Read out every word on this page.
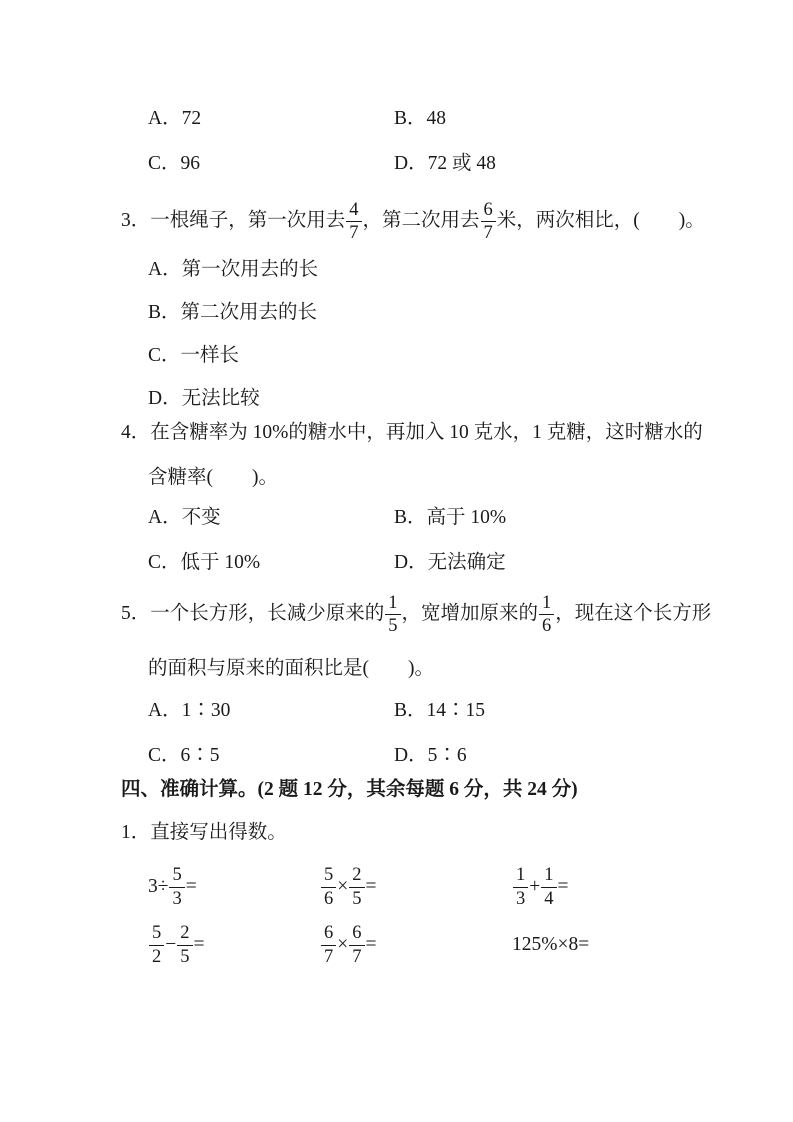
A．72	B．48
C．96	D．72 或 48
3．一根绳子，第一次用去 $\frac{4}{7}$ ，第二次用去 $\frac{6}{7}$ 米，两次相比，(　　)。
A．第一次用去的长
B．第二次用去的长
C．一样长
D．无法比较
4．在含糖率为 10%的糖水中，再加入 10 克水，1 克糖，这时糖水的
含糖率(　　)。
A．不变	B．高于 10%
C．低于 10%	D．无法确定
5．一个长方形，长减少原来的 $\frac{1}{5}$ ，宽增加原来的 $\frac{1}{6}$ ，现在这个长方形
的面积与原来的面积比是(　　)。
A．1∶30	B．14∶15
C．6∶5	D．5∶6
四、准确计算。(2 题 12 分，其余每题 6 分，共 24 分)
1．直接写出得数。
$3\div \frac{5}{3}$ =	$\frac{5}{6} \times \frac{2}{5}$ =	$\frac{1}{3} + \frac{1}{4}$ =
$\frac{5}{2} - \frac{2}{5}$ =	$\frac{6}{7} \times \frac{6}{7}$ =	125%×8=
